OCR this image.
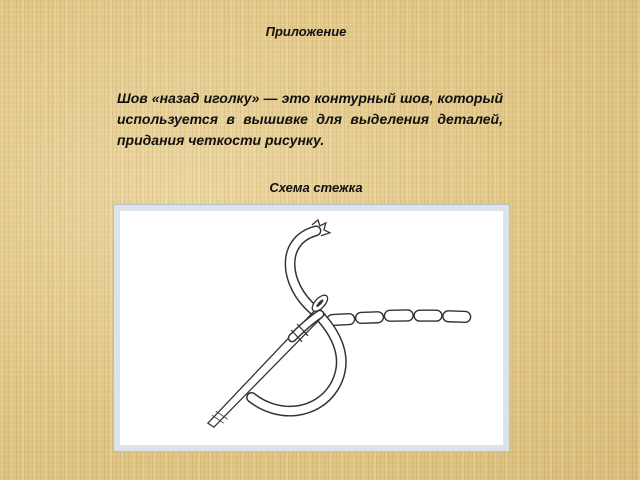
Приложение

Шов «назад иголку» — это контурный шов, который используется в вышивке для выделения деталей, придания четкости рисунку.

Схема стежка
